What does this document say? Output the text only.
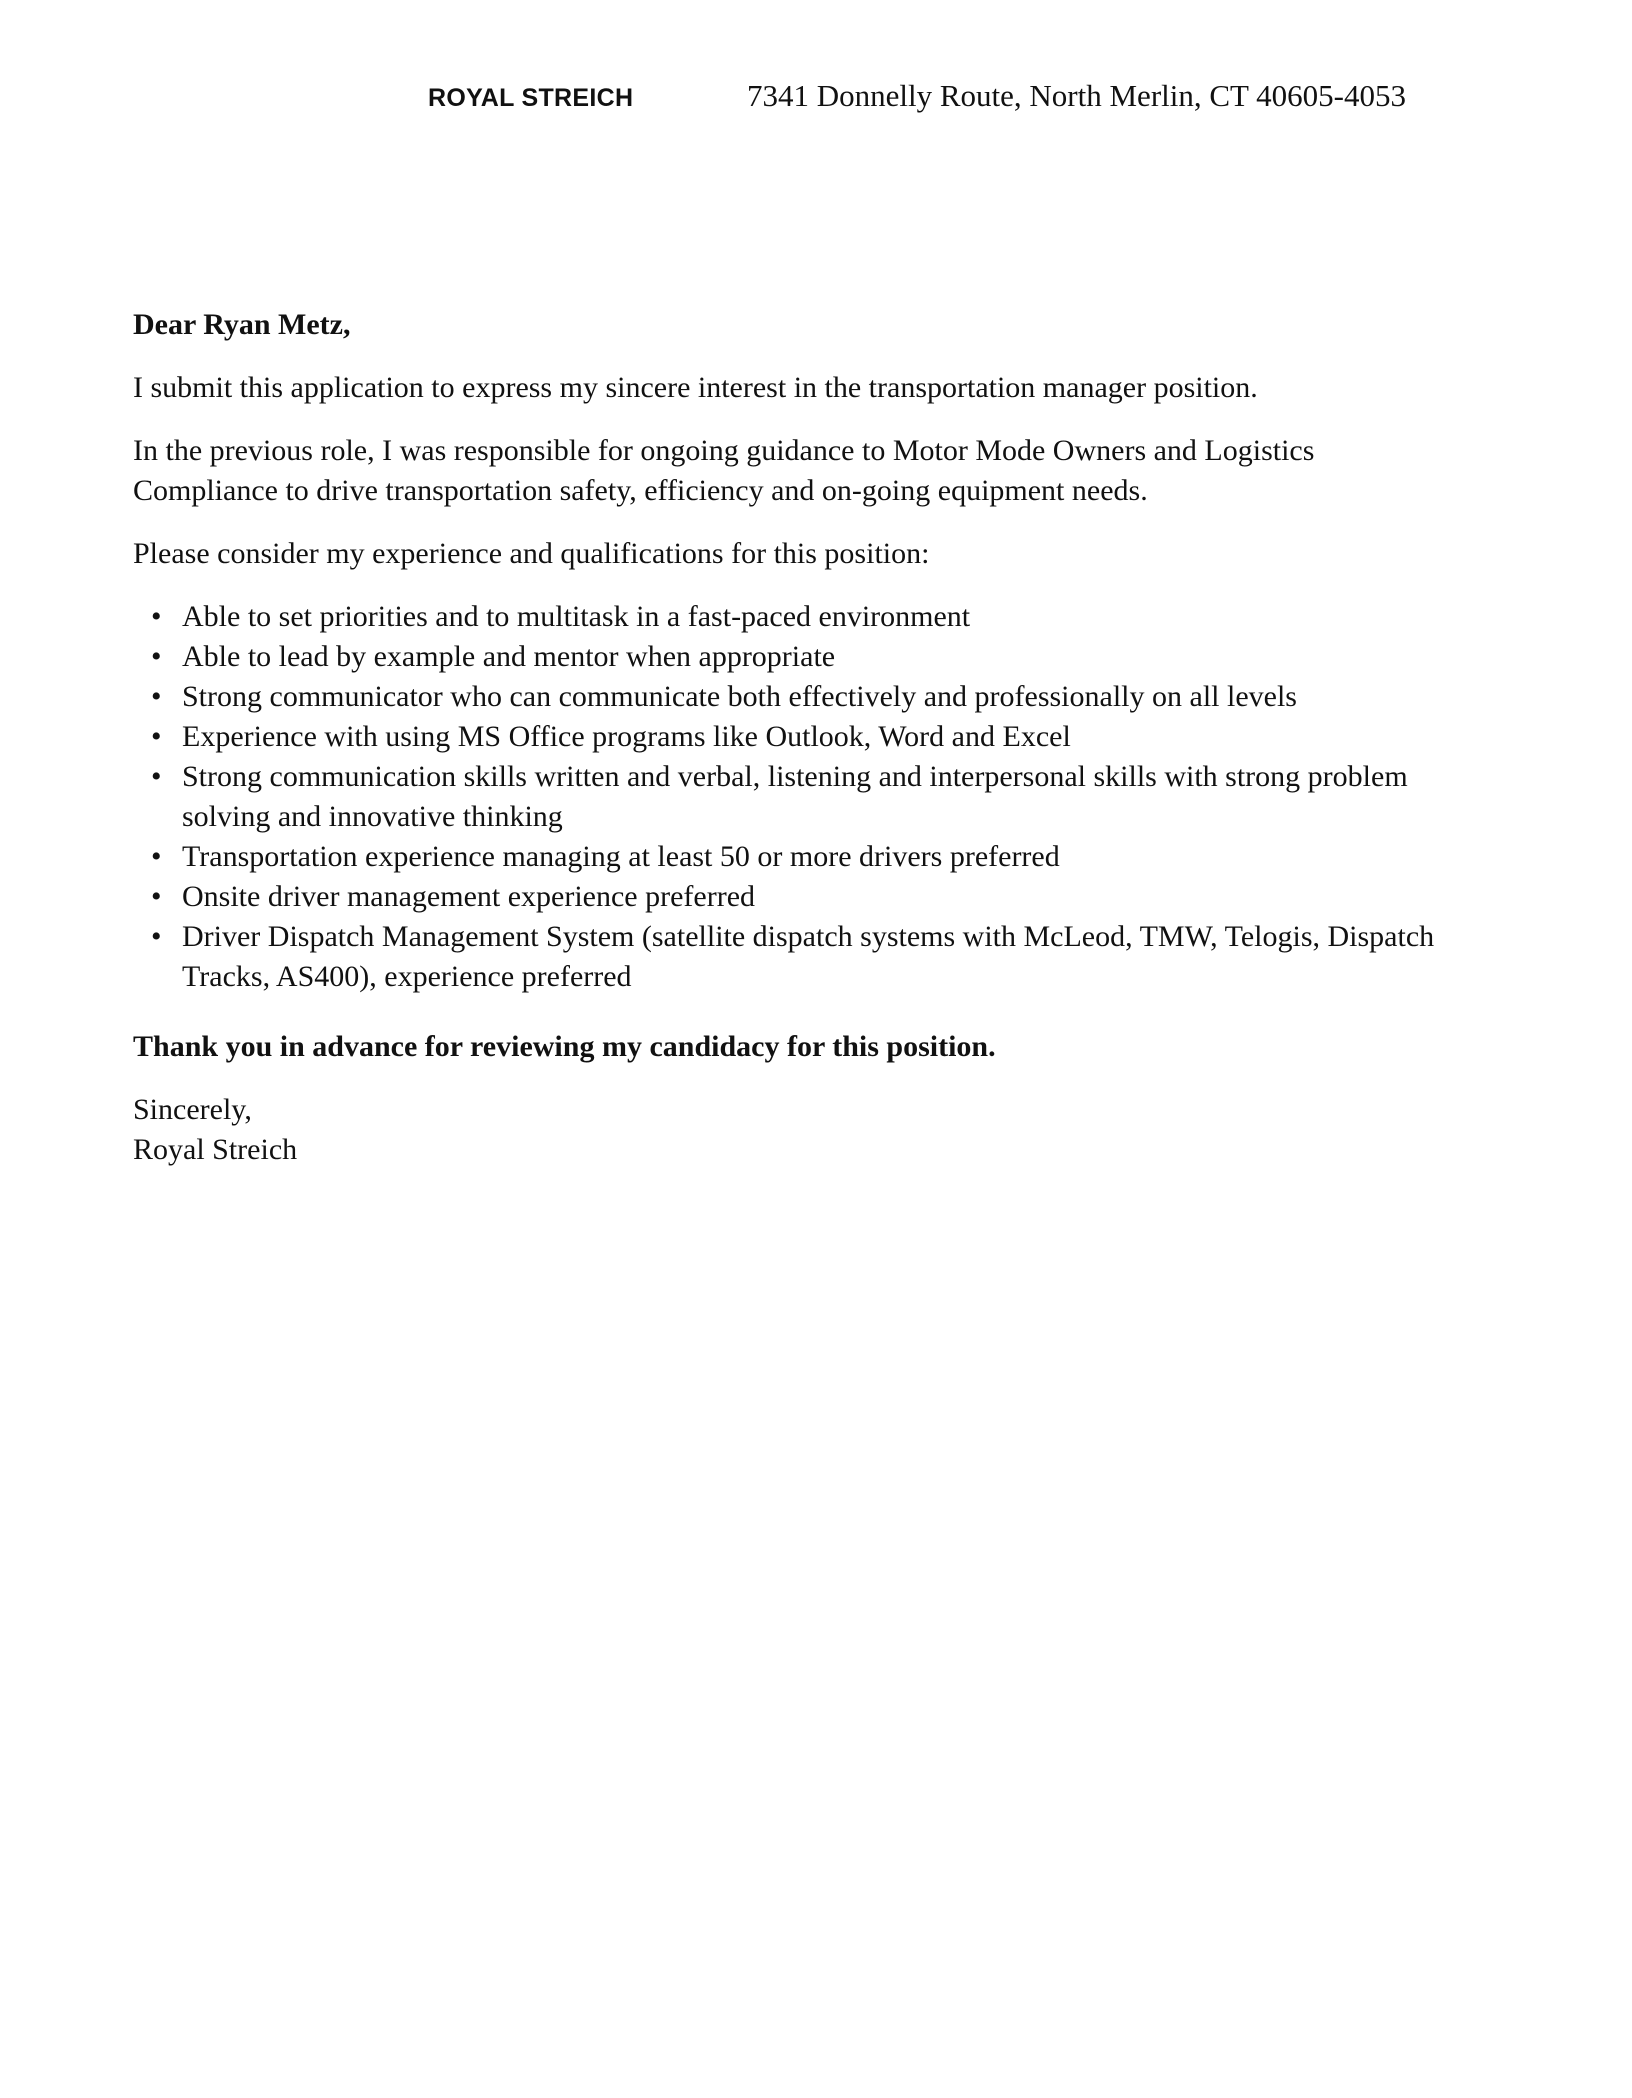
ROYAL STREICH	7341 Donnelly Route, North Merlin, CT 40605-4053

Dear Ryan Metz,

I submit this application to express my sincere interest in the transportation manager position.

In the previous role, I was responsible for ongoing guidance to Motor Mode Owners and Logistics Compliance to drive transportation safety, efficiency and on-going equipment needs.

Please consider my experience and qualifications for this position:

• Able to set priorities and to multitask in a fast-paced environment
• Able to lead by example and mentor when appropriate
• Strong communicator who can communicate both effectively and professionally on all levels
• Experience with using MS Office programs like Outlook, Word and Excel
• Strong communication skills written and verbal, listening and interpersonal skills with strong problem solving and innovative thinking
• Transportation experience managing at least 50 or more drivers preferred
• Onsite driver management experience preferred
• Driver Dispatch Management System (satellite dispatch systems with McLeod, TMW, Telogis, Dispatch Tracks, AS400), experience preferred

Thank you in advance for reviewing my candidacy for this position.

Sincerely,

Royal Streich
